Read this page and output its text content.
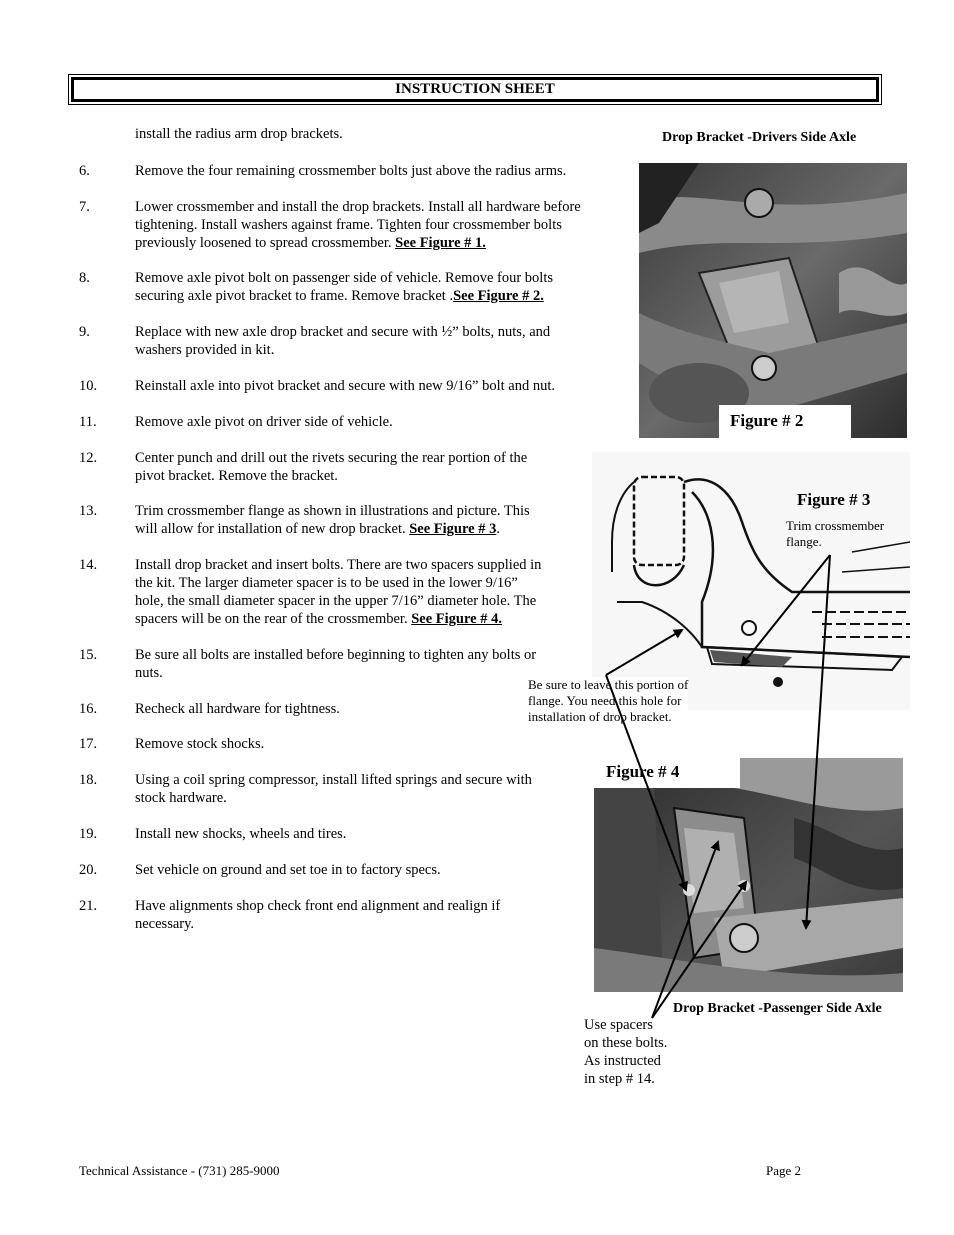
INSTRUCTION SHEET
install the radius arm drop brackets.
6.	Remove the four remaining crossmember bolts just above the radius arms.
7.	Lower crossmember and install the drop brackets. Install all hardware before
tightening. Install washers against frame. Tighten four crossmember bolts
previously loosened to spread crossmember. See Figure # 1.
8.	Remove axle pivot bolt on passenger side of vehicle. Remove four bolts
securing axle pivot bracket to frame. Remove bracket .See Figure # 2.
9.	Replace with new axle drop bracket and secure with ½” bolts, nuts, and
washers provided in kit.
10.	Reinstall axle into pivot bracket and secure with new 9/16” bolt and nut.
11.	Remove axle pivot on driver side of vehicle.
12.	Center punch and drill out the rivets securing the rear portion of the
pivot bracket. Remove the bracket.
13.	Trim crossmember flange as shown in illustrations and picture. This
will allow for installation of new drop bracket. See Figure # 3.
14.	Install drop bracket and insert bolts. There are two spacers supplied in
the kit. The larger diameter spacer is to be used in the lower 9/16”
hole, the small diameter spacer in the upper 7/16” diameter hole. The
spacers will be on the rear of the crossmember. See Figure # 4.
15.	Be sure all bolts are installed before beginning to tighten any bolts or
nuts.
16.	Recheck all hardware for tightness.
17.	Remove stock shocks.
18.	Using a coil spring compressor, install lifted springs and secure with
stock hardware.
19.	Install new shocks, wheels and tires.
20.	Set vehicle on ground and set toe in to factory specs.
21.	Have alignments shop check front end alignment and realign if
necessary.
Drop Bracket -Drivers Side Axle
Figure # 2
Figure # 3
Trim crossmember
flange.
Be sure to leave this portion of
flange. You need this hole for
installation of drop bracket.
Figure # 4
Drop Bracket -Passenger Side Axle
Use spacers
on these bolts.
As instructed
in step # 14.
Technical Assistance - (731) 285-9000	Page 2
